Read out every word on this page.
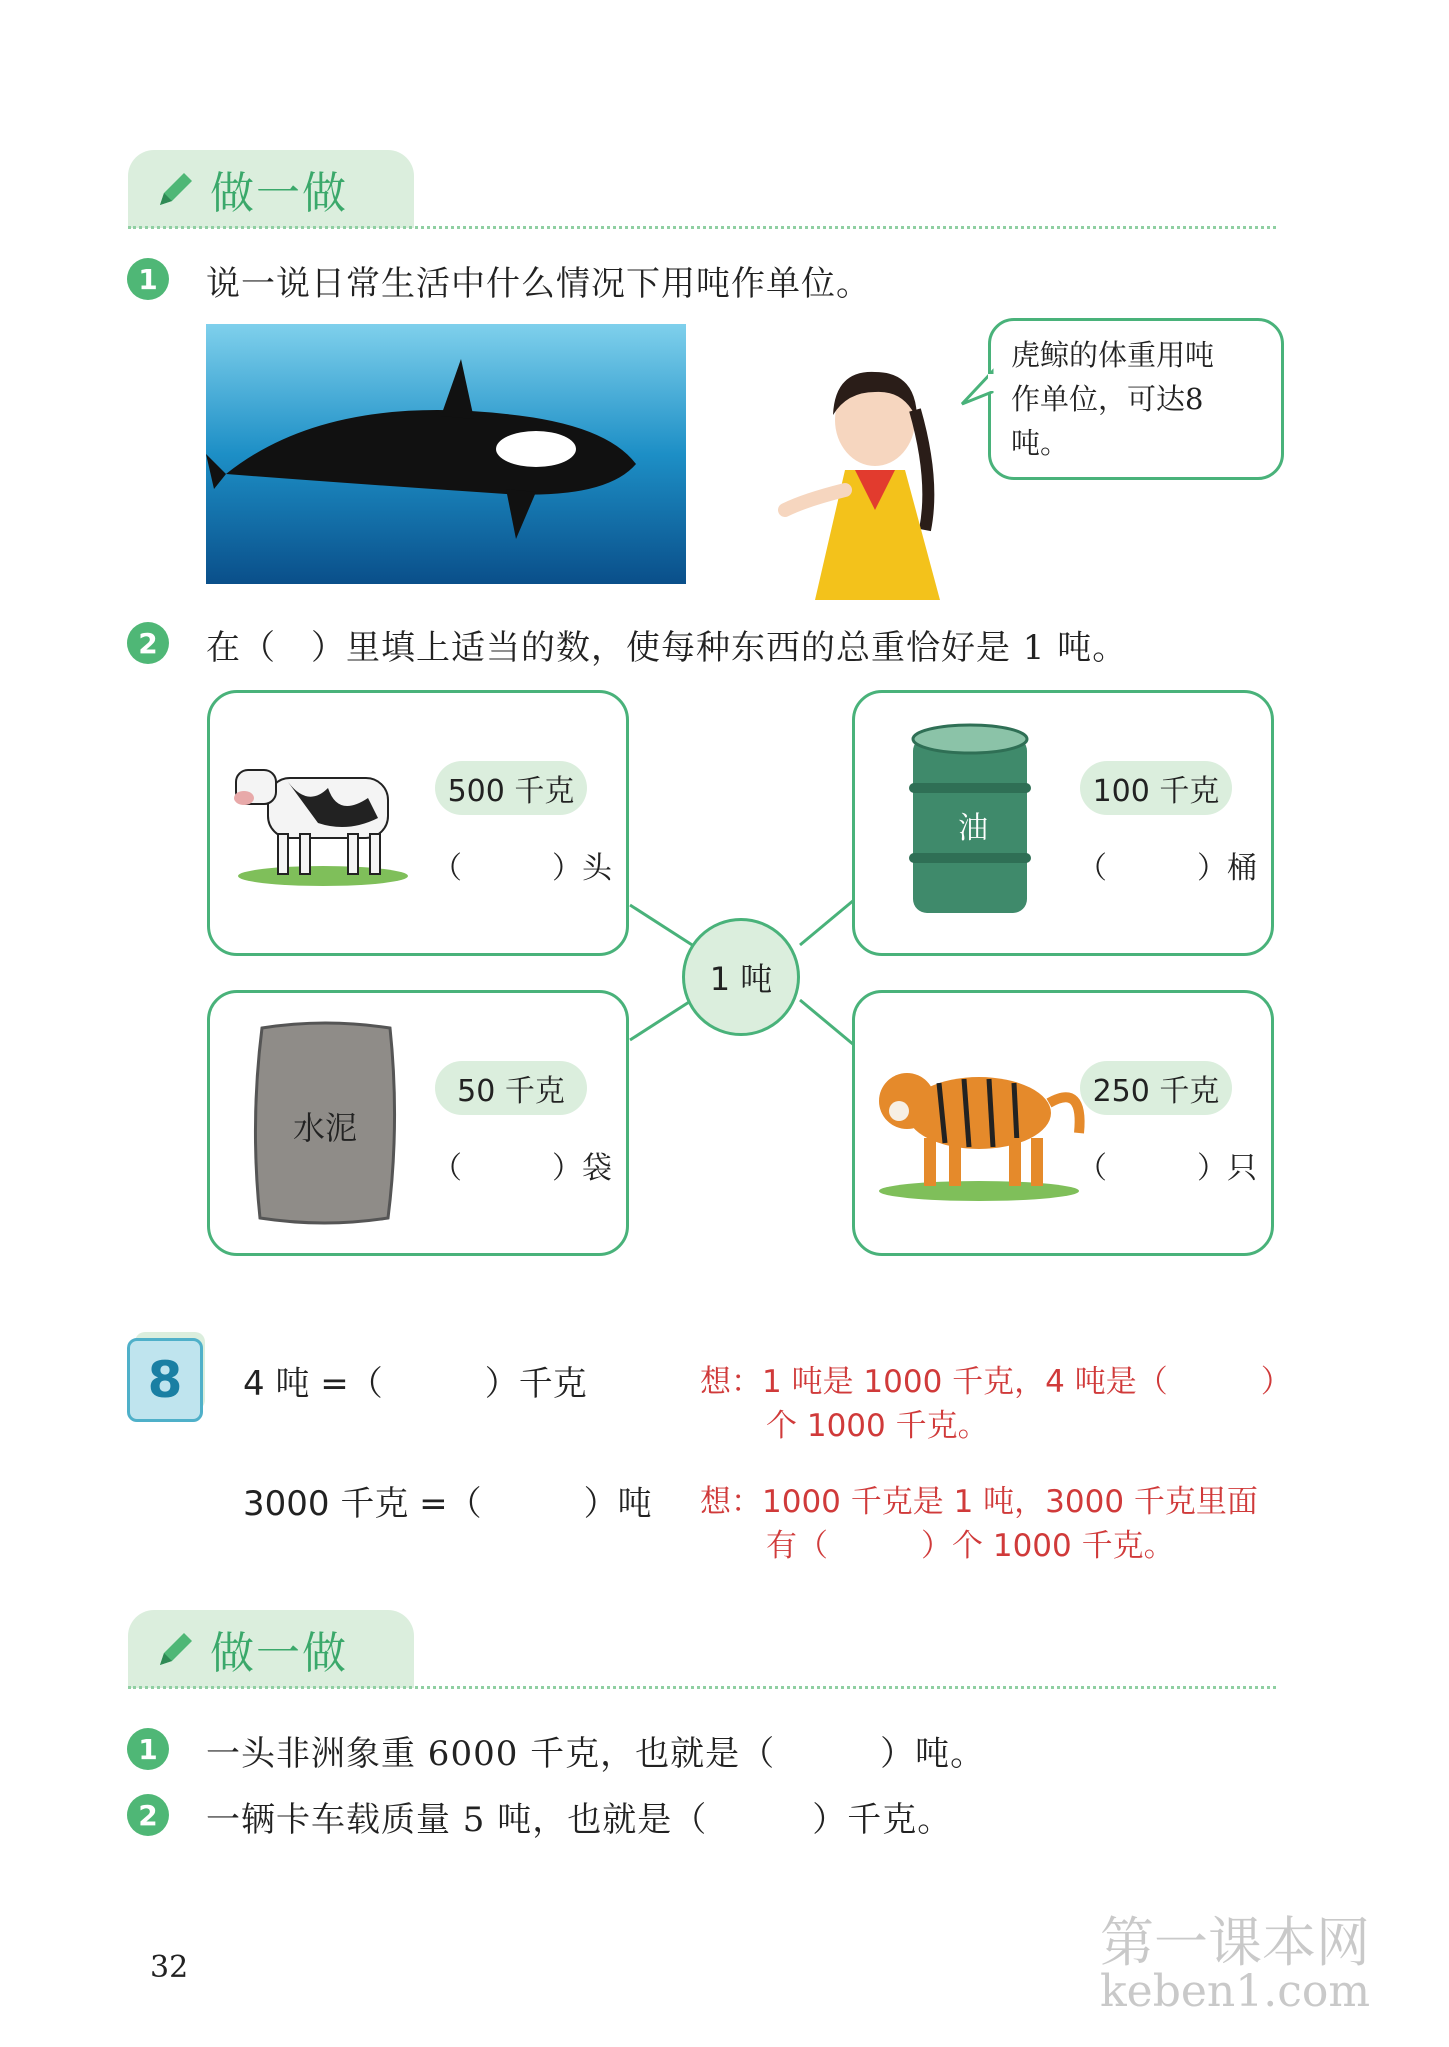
做一做
1	说一说日常生活中什么情况下用吨作单位。
虎鲸的体重用吨
作单位，可达8吨。
2	在（　）里填上适当的数，使每种东西的总重恰好是 1 吨。
500 千克
（　　　）头
油
100 千克
（　　　）桶
1 吨
水泥
50 千克
（　　　）袋
250 千克
（　　　）只
8	4 吨 =（　　　）千克	想：1 吨是 1000 千克，4 吨是（　　　）
个 1000 千克。
3000 千克 =（　　　）吨 想：1000 千克是 1 吨，3000 千克里面
有（　　　）个 1000 千克。
做一做
1	一头非洲象重 6000 千克，也就是（　　　）吨。
2	一辆卡车载质量 5 吨，也就是（　　　）千克。
32	第一课本网
keben1.com
